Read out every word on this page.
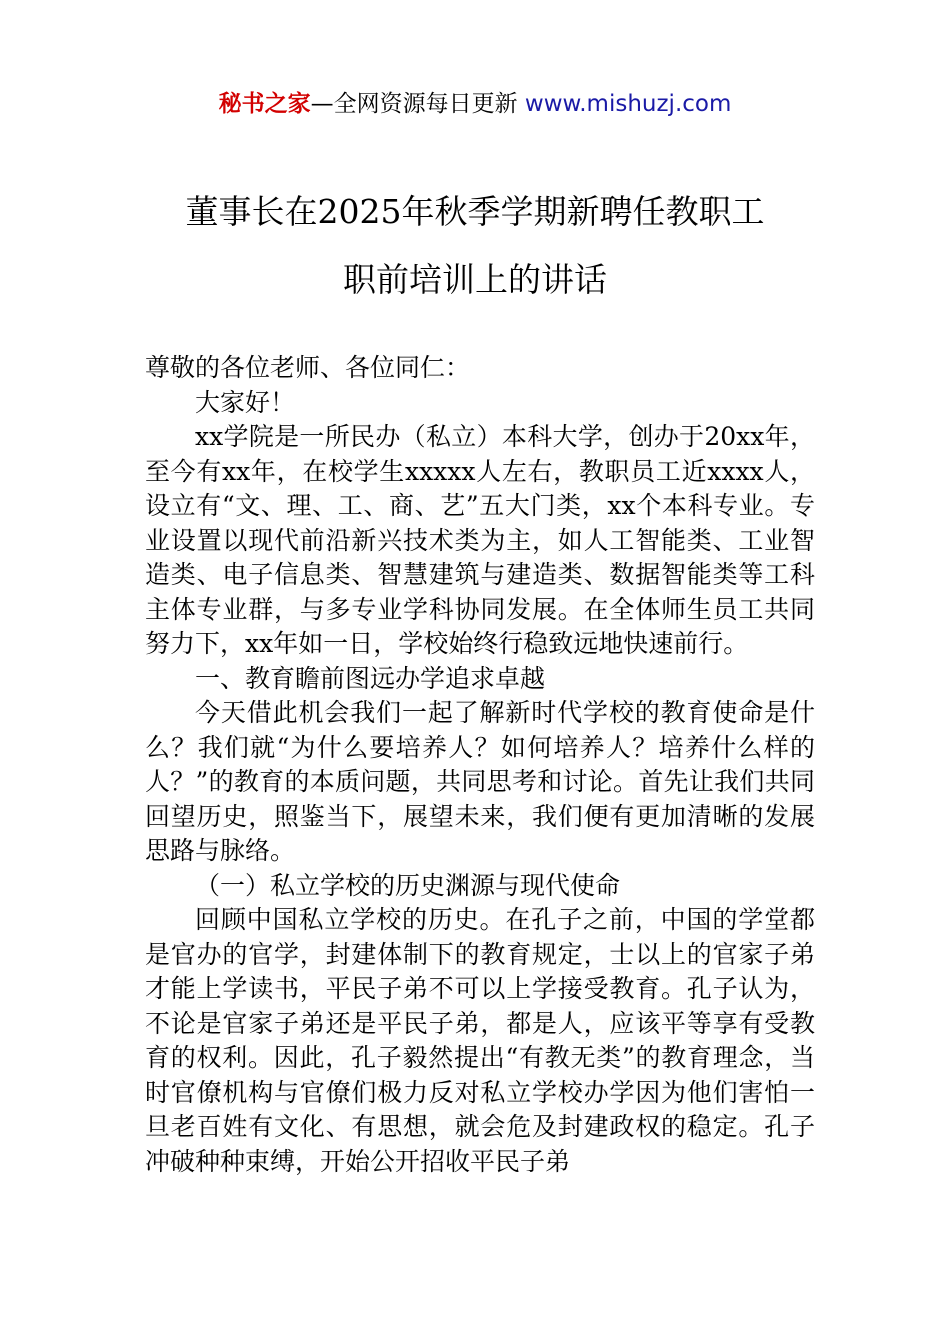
秘书之家—全网资源每日更新 www.mishuzj.com
董事长在2025年秋季学期新聘任教职工
职前培训上的讲话

尊敬的各位老师、各位同仁：

大家好！

xx学院是一所民办（私立）本科大学，创办于20xx年，至今有xx年，在校学生xxxxx人左右，教职员工近xxxx人，设立有“文、理、工、商、艺”五大门类，xx个本科专业。专业设置以现代前沿新兴技术类为主，如人工智能类、工业智造类、电子信息类、智慧建筑与建造类、数据智能类等工科主体专业群，与多专业学科协同发展。在全体师生员工共同努力下，xx年如一日，学校始终行稳致远地快速前行。

一、教育瞻前图远办学追求卓越

今天借此机会我们一起了解新时代学校的教育使命是什么？我们就“为什么要培养人？如何培养人？培养什么样的人？”的教育的本质问题，共同思考和讨论。首先让我们共同回望历史，照鉴当下，展望未来，我们便有更加清晰的发展思路与脉络。

（一）私立学校的历史渊源与现代使命

回顾中国私立学校的历史。在孔子之前，中国的学堂都是官办的官学，封建体制下的教育规定，士以上的官家子弟才能上学读书，平民子弟不可以上学接受教育。孔子认为，不论是官家子弟还是平民子弟，都是人，应该平等享有受教育的权利。因此，孔子毅然提出“有教无类”的教育理念，当时官僚机构与官僚们极力反对私立学校办学因为他们害怕一旦老百姓有文化、有思想，就会危及封建政权的稳定。孔子冲破种种束缚，开始公开招收平民子弟
